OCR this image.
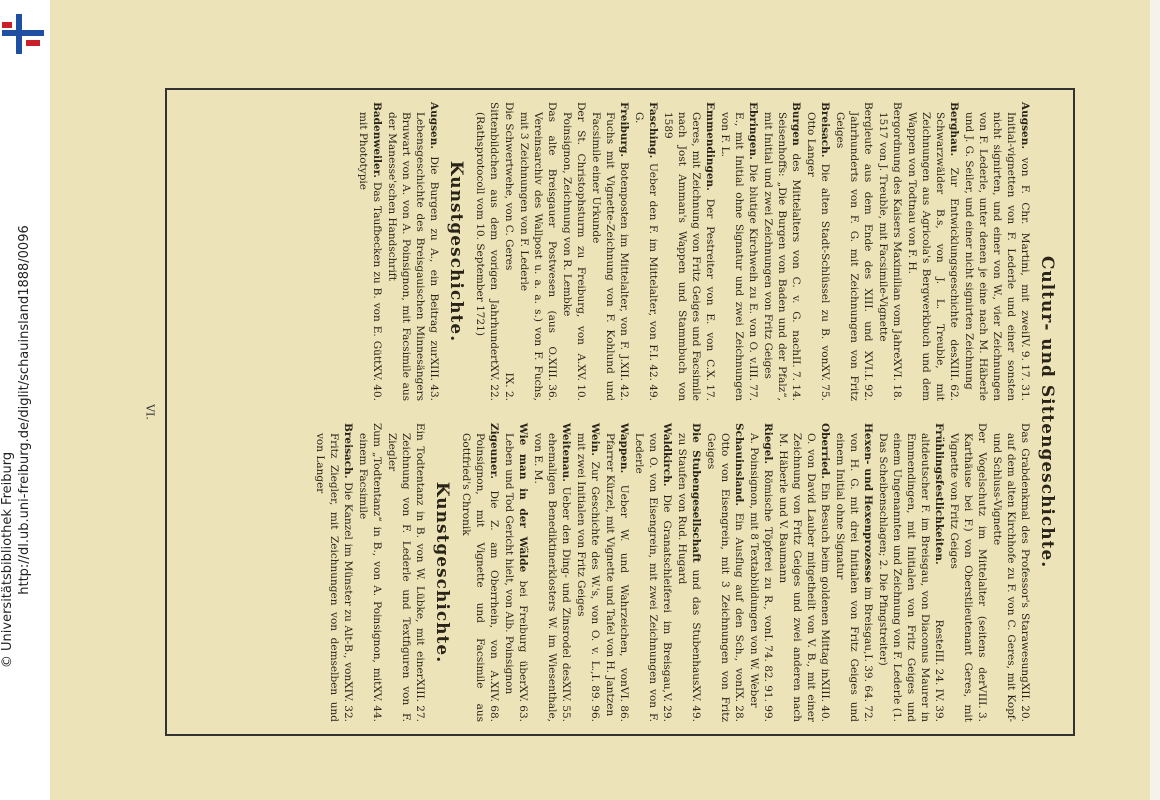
http://dl.ub.uni-freiburg.de/diglit/schauinsland1888/0096
© Universitätsbibliothek Freiburg
VI.	Cultur- und Sittengeschichte.
IV. 9. 17. 31.
Augsen. von F. Chr. Martini, mit zwei Initial-vignetten von F. Lederle und einer sonsten nicht signirten, und einer von W., vier Zeichnungen von F. Lederle, unter denen je eine nach M. Häberle und J. G. Seiler, und einer nicht signirten Zeichnung
XIII. 62.
Berghau. Zur Entwicklungsgeschichte des Schwarzwälder B.s, von J. L. Treuble, mit Zeichnungen aus Agricola's Bergwerkbuch und dem Wappen von Todtnau von F. H.
XVI. 18.
Bergordnung des Kaisers Maximilian vom Jahre 1517 von J. Treuble, mit Facsimile-Vignette
I. 92.
Bergleute aus dem Ende des XIII. und XVI. Jahrhunderts von F. G. mit Zeichnungen von Fritz Geiges
XV. 75.
Breisach. Die alten Stadt-Schlüssel zu B. von Otto Langer
II. 7. 14.
Burgen des Mittelalters von C. v. G. nach Seisenhoffs: „Die Burgen von Baden und der Pfalz“, mit Initial und zwei Zeichnungen von Fritz Geiges
III. 77.
Ebringen. Die blutige Kirchweih zu E. von O. v. E., mit Initial ohne Signatur und zwei Zeichnungen von F. L.
X. 17.
Emmendingen. Der Pestreiter von E. von C. Geres, mit Zeichnung von Fritz Geiges und Facsimile nach Jost Amman's Wappen und Stammbuch von 1589
I. 42. 49.
Fasching. Ueber den F. im Mittelalter, von F. G.
XII. 42.
Freiburg. Botenposten im Mittelalter, von F. J. Fuchs mit Vignette-Zeichnung von F. Kohlund und Facsimile einer Urkunde
XV. 10.
Der St. Christophsturm zu Freiburg, von A. Poinsignon, Zeichnung von R. Lembke
XIII. 36.
Das alte Breisgauer Postwesen (aus O. Vereinsarchiv des Wallpost u. a. a. s.) von F. Fuchs, mit 3 Zeichnungen von F. Lederle
IX. 2.
Die Schwertwehe, von C. Geres
XV. 22.
Sittenbildchen aus dem vorigen Jahrhundert (Rathsprotocoll vom 10. September 1721)
Kunstgeschichte.
XIII. 43.
Augsen. Die Burgen zu A., ein Beitrag zur Lebensgeschichte des Breisgauischen Minnesängers Bruwart von A. von A. Poinsignon, mit Facsimile aus der Manesse'schen Handschrift
XV. 40.
Badenweiler. Das Taufbecken zu B. von E. Gütt mit Phototypie
XII. 20.
Das Grabdenkmal des Professor's Starawesung auf dem alten Kirchhofe zu F. von C. Geres, mit Kopf- und Schluss-Vignette
VIII. 3.
Der Vogelschutz im Mittelalter (seitens der Karthäuse bei F.) von Oberstlieutenant Geres, mit Vignette von Fritz Geiges
III. 24. IV. 39.
Frühlingsfestlichkeiten. Reste altdeutscher F. im Breisgau, von Diaconus Maurer in Emmendingen, mit Initialen von Fritz Geiges und einem Ungenannten und Zeichnung von F. Lederle (1. Das Scheibenschlagen; 2. Die Pfingstreiter)
I. 39. 64. 72.
Hexen- und Hexenprozesse im Breisgau, von H. G. mit drei Initialen von Fritz Geiges und einem Initial ohne Signatur
XIII. 40.
Oberried. Ein Besuch beim goldenen Mittag in O. von David Lauber mitgetheilt von V. B., mit einer Zeichnung von Fritz Geiges und zwei anderen nach M. Häberle und V. Baumann
I. 74. 82. 91. 99.
Riegel. Römische Töpferei zu R., von A. Poinsignon, mit 8 Textabbildungen von W. Weber
IX. 28.
Schauinsland. Ein Ausflug auf den Sch., von Otto von Eisengrein, mit 3 Zeichnungen von Fritz Geiges
XV. 49.
Die Stubengesellschaft und das Stubenhaus zu Staufen von Rud. Hugard
V. 29.
Waldkirch. Die Granatschleiferei im Breisgau, von O. von Eisengrein, mit zwei Zeichnungen von F. Lederle
VI. 86.
Wappen. Ueber W. und Wahrzeichen, von Pfarrer Kürzel, mit Vignette und Tafel von H. Jantzen
I. 89. 96.
Wein. Zur Geschichte des W.'s, von O. v. L., mit zwei Initialen von Fritz Geiges
XIV. 55.
Weitenau. Ueber den Ding- und Zinsrodel des ehemaligen Benediktinerklosters W. im Wiesenthale, von E. M.
XV. 63.
Wie man in der Wälde bei Freiburg über Leben und Tod Gericht hielt, von Alb. Poinsignon
XIV. 68.
Zigeuner. Die Z. am Oberrhein, von A. Poinsignon, mit Vignette und Facsimile aus Gottfried's Chronik
Kunstgeschichte.
XIII. 27.
Ein Todtentanz in B. von W. Lübke, mit einer Zeichnung von F. Lederle und Textfiguren von F. Ziegler
XV. 44.
Zum „Todtentanz“ in B., von A. Poinsignon, mit einem Facsimile
XIV. 32.
Breisach. Die Kanzel im Münster zu Alt-B., von Fritz Ziegler, mit Zeichnungen von demselben und von Langer
